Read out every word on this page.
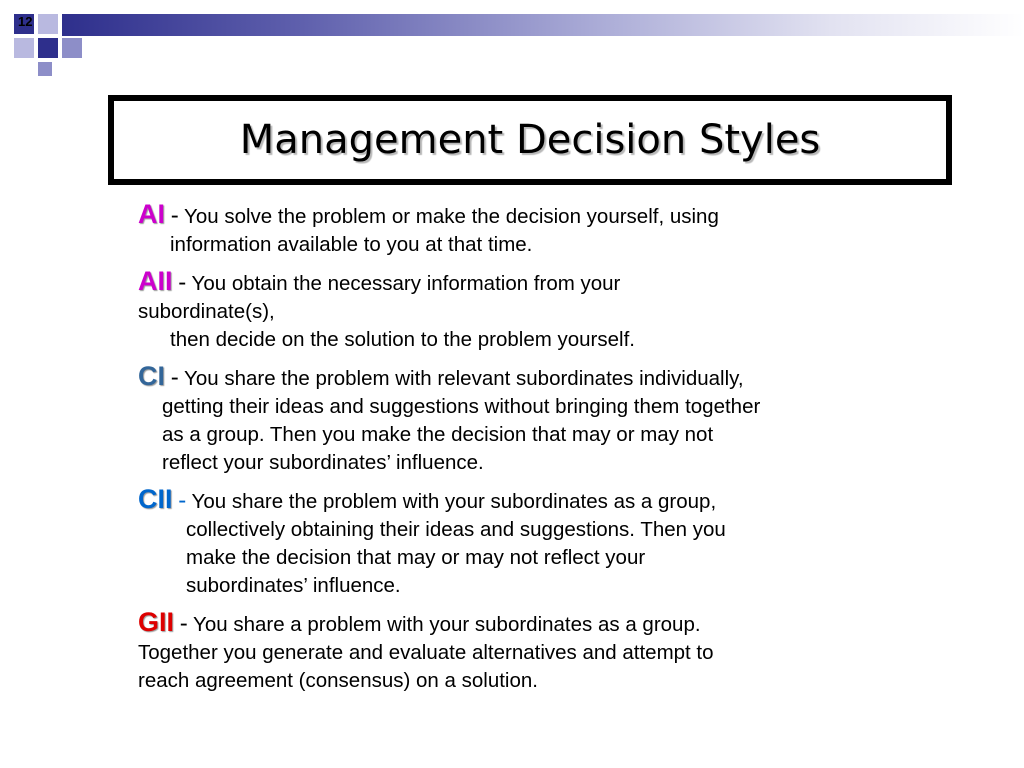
12
Management Decision Styles
AI - You solve the problem or make the decision yourself, using
information available to you at that time.
AII - You obtain the necessary information from your
subordinate(s),
then decide on the solution to the problem yourself.
CI - You share the problem with relevant subordinates individually,
getting their ideas and suggestions without bringing them together
as a group. Then you make the decision that may or may not
reflect your subordinates’ influence.
CII - You share the problem with your subordinates as a group,
collectively obtaining their ideas and suggestions. Then you
make the decision that may or may not reflect your
subordinates’ influence.
GII - You share a problem with your subordinates as a group.
Together you generate and evaluate alternatives and attempt to
reach agreement (consensus) on a solution.
